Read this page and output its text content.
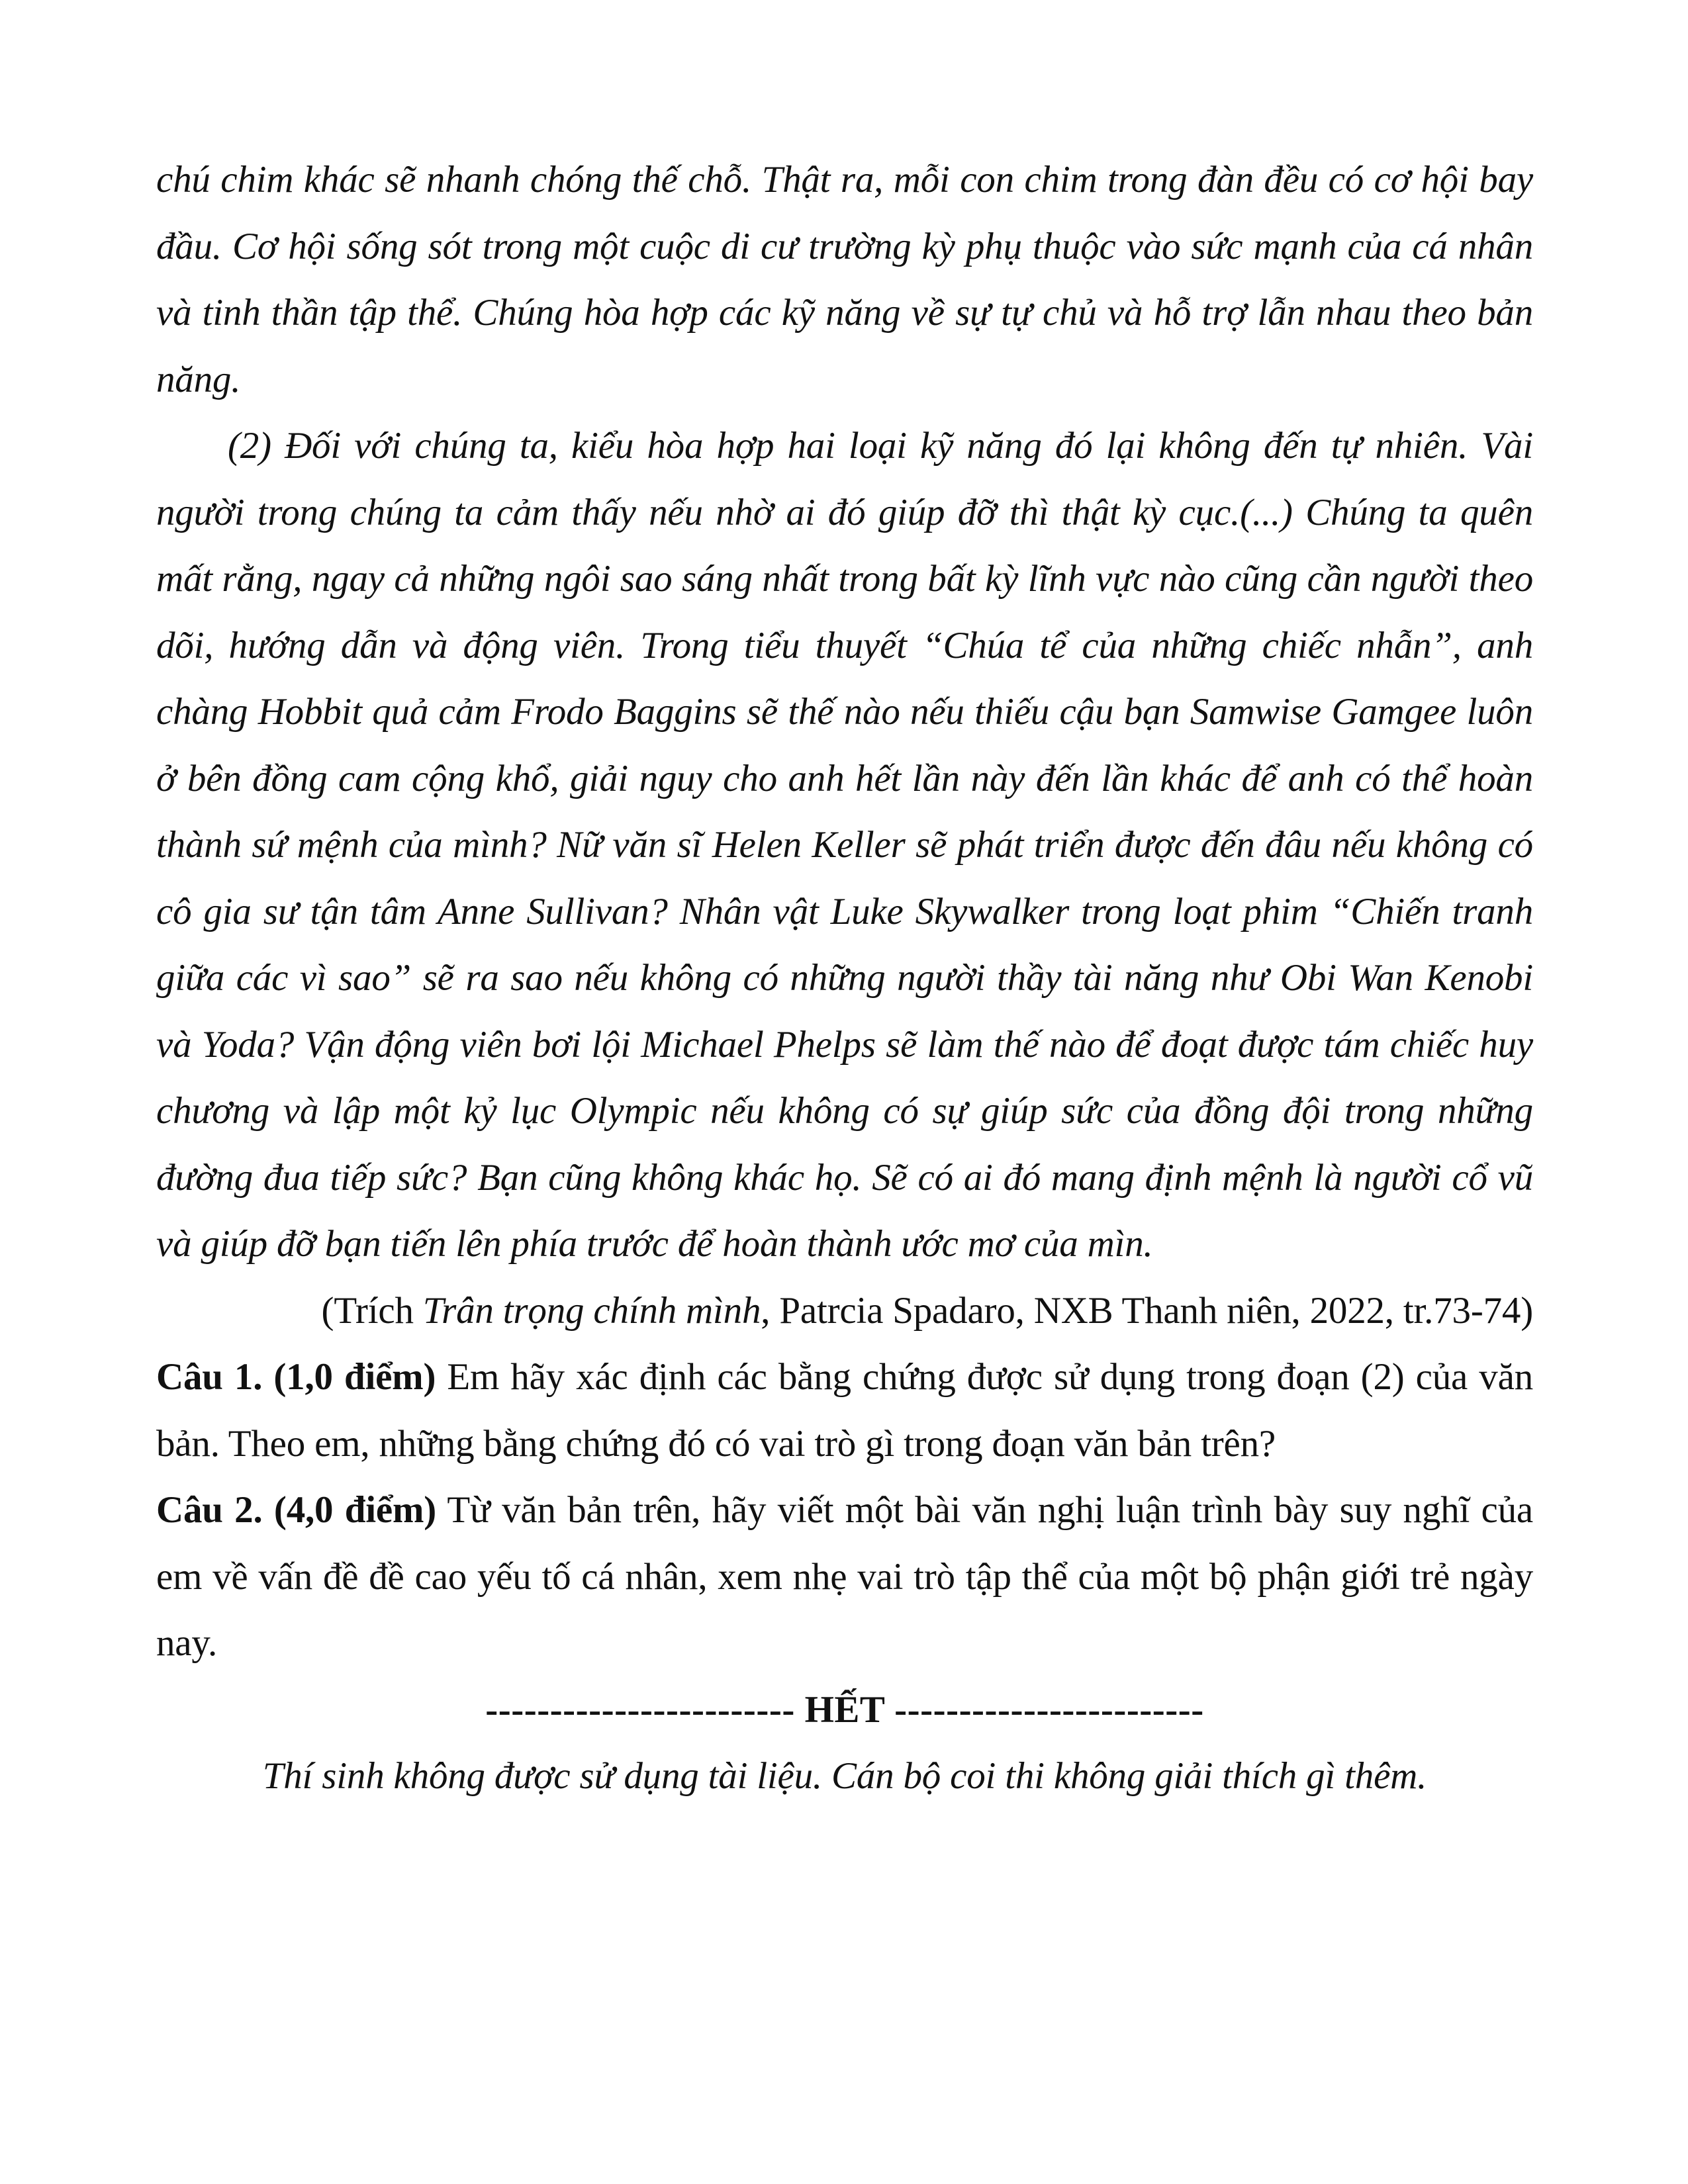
chú chim khác sẽ nhanh chóng thế chỗ. Thật ra, mỗi con chim trong đàn đều có cơ hội bay đầu. Cơ hội sống sót trong một cuộc di cư trường kỳ phụ thuộc vào sức mạnh của cá nhân và tinh thần tập thể. Chúng hòa hợp các kỹ năng về sự tự chủ và hỗ trợ lẫn nhau theo bản năng.

(2) Đối với chúng ta, kiểu hòa hợp hai loại kỹ năng đó lại không đến tự nhiên. Vài người trong chúng ta cảm thấy nếu nhờ ai đó giúp đỡ thì thật kỳ cục.(...) Chúng ta quên mất rằng, ngay cả những ngôi sao sáng nhất trong bất kỳ lĩnh vực nào cũng cần người theo dõi, hướng dẫn và động viên. Trong tiểu thuyết “Chúa tể của những chiếc nhẫn”, anh chàng Hobbit quả cảm Frodo Baggins sẽ thế nào nếu thiếu cậu bạn Samwise Gamgee luôn ở bên đồng cam cộng khổ, giải nguy cho anh hết lần này đến lần khác để anh có thể hoàn thành sứ mệnh của mình? Nữ văn sĩ Helen Keller sẽ phát triển được đến đâu nếu không có cô gia sư tận tâm Anne Sullivan? Nhân vật Luke Skywalker trong loạt phim “Chiến tranh giữa các vì sao” sẽ ra sao nếu không có những người thầy tài năng như Obi Wan Kenobi và Yoda? Vận động viên bơi lội Michael Phelps sẽ làm thế nào để đoạt được tám chiếc huy chương và lập một kỷ lục Olympic nếu không có sự giúp sức của đồng đội trong những đường đua tiếp sức? Bạn cũng không khác họ. Sẽ có ai đó mang định mệnh là người cổ vũ và giúp đỡ bạn tiến lên phía trước để hoàn thành ước mơ của mìn.

(Trích Trân trọng chính mình, Patrcia Spadaro, NXB Thanh niên, 2022, tr.73-74)

Câu 1. (1,0 điểm) Em hãy xác định các bằng chứng được sử dụng trong đoạn (2) của văn bản. Theo em, những bằng chứng đó có vai trò gì trong đoạn văn bản trên?

Câu 2. (4,0 điểm) Từ văn bản trên, hãy viết một bài văn nghị luận trình bày suy nghĩ của em về vấn đề đề cao yếu tố cá nhân, xem nhẹ vai trò tập thể của một bộ phận giới trẻ ngày nay.

------------------------ HẾT ------------------------

Thí sinh không được sử dụng tài liệu. Cán bộ coi thi không giải thích gì thêm.
